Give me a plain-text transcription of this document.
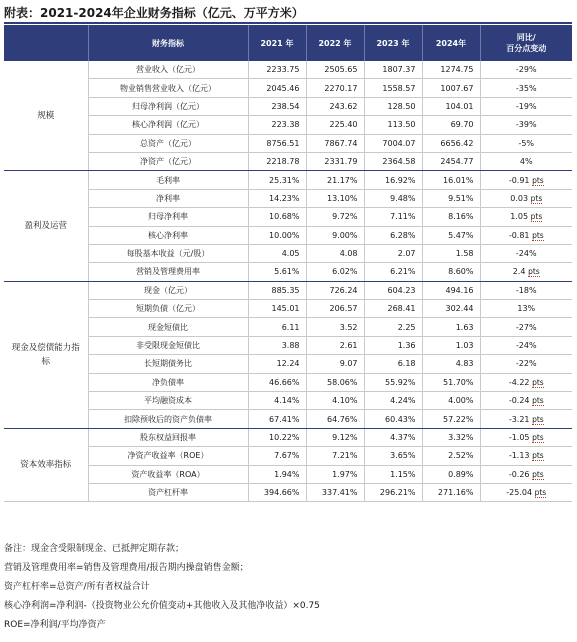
附表：2021-2024年企业财务指标（亿元、万平方米）
	财务指标	2021 年	2022 年	2023 年	2024年	同比/
百分点变动

规模	营业收入（亿元）	2233.75	2505.65	1807.37	1274.75	-29%
	物业销售营业收入（亿元）	2045.46	2270.17	1558.57	1007.67	-35%
	归母净利润（亿元）	238.54	243.62	128.50	104.01	-19%
	核心净利润（亿元）	223.38	225.40	113.50	69.70	-39%
	总资产（亿元）	8756.51	7867.74	7004.07	6656.42	-5%
	净资产（亿元）	2218.78	2331.79	2364.58	2454.77	4%
盈利及运营	毛利率	25.31%	21.17%	16.92%	16.01%	-0.91 pts
	净利率	14.23%	13.10%	9.48%	9.51%	0.03 pts
	归母净利率	10.68%	9.72%	7.11%	8.16%	1.05 pts
	核心净利率	10.00%	9.00%	6.28%	5.47%	-0.81 pts
	每股基本收益（元/股）	4.05	4.08	2.07	1.58	-24%
	营销及管理费用率	5.61%	6.02%	6.21%	8.60%	2.4 pts
现金及偿债能力指标	现金（亿元）	885.35	726.24	604.23	494.16	-18%
	短期负债（亿元）	145.01	206.57	268.41	302.44	13%
	现金短债比	6.11	3.52	2.25	1.63	-27%
	非受限现金短债比	3.88	2.61	1.36	1.03	-24%
	长短期债务比	12.24	9.07	6.18	4.83	-22%
	净负债率	46.66%	58.06%	55.92%	51.70%	-4.22 pts
	平均融资成本	4.14%	4.10%	4.24%	4.00%	-0.24 pts
	扣除预收后的资产负债率	67.41%	64.76%	60.43%	57.22%	-3.21 pts
资本效率指标	股东权益回报率	10.22%	9.12%	4.37%	3.32%	-1.05 pts
	净资产收益率（ROE）	7.67%	7.21%	3.65%	2.52%	-1.13 pts
	资产收益率（ROA）	1.94%	1.97%	1.15%	0.89%	-0.26 pts
	资产杠杆率	394.66%	337.41%	296.21%	271.16%	-25.04 pts
备注：现金含受限制现金、已抵押定期存款；
营销及管理费用率=销售及管理费用/报告期内操盘销售金额；
资产杠杆率=总资产/所有者权益合计
核心净利润=净利润-（投资物业公允价值变动+其他收入及其他净收益）×0.75
ROE=净利润/平均净资产
